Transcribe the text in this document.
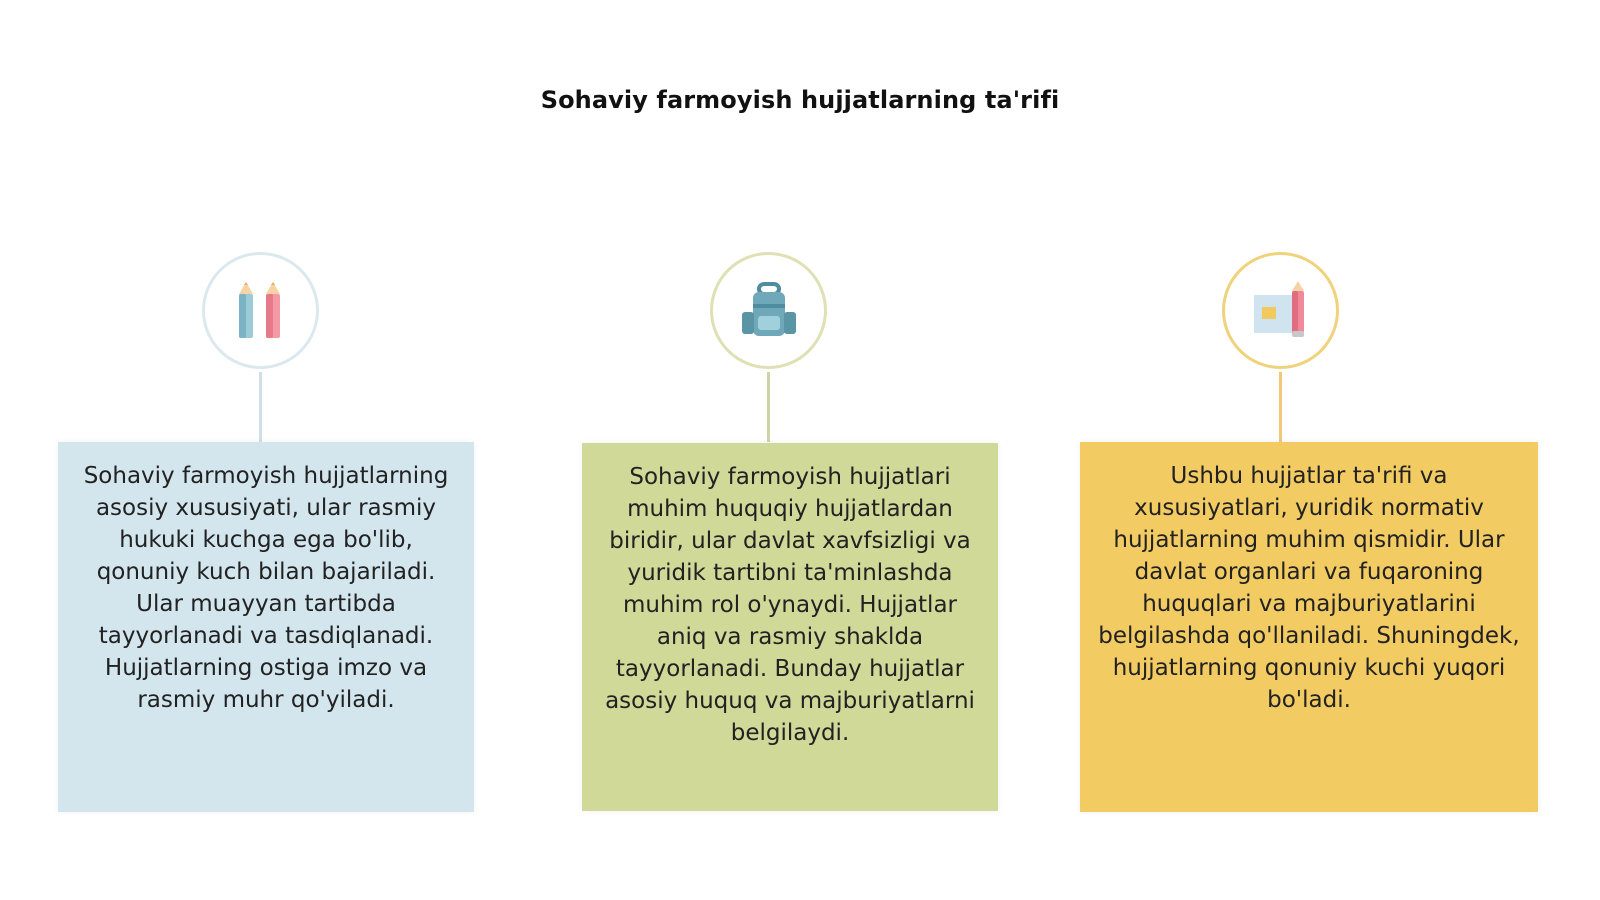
Sohaviy farmoyish hujjatlarning ta'rifi
Sohaviy farmoyish hujjatlarning asosiy xususiyati, ular rasmiy hukuki kuchga ega bo'lib, qonuniy kuch bilan bajariladi. Ular muayyan tartibda tayyorlanadi va tasdiqlanadi. Hujjatlarning ostiga imzo va rasmiy muhr qo'yiladi.
Sohaviy farmoyish hujjatlari muhim huquqiy hujjatlardan biridir, ular davlat xavfsizligi va yuridik tartibni ta'minlashda muhim rol o'ynaydi. Hujjatlar aniq va rasmiy shaklda tayyorlanadi. Bunday hujjatlar asosiy huquq va majburiyatlarni belgilaydi.
Ushbu hujjatlar ta'rifi va xususiyatlari, yuridik normativ hujjatlarning muhim qismidir. Ular davlat organlari va fuqaroning huquqlari va majburiyatlarini belgilashda qo'llaniladi. Shuningdek, hujjatlarning qonuniy kuchi yuqori bo'ladi.
